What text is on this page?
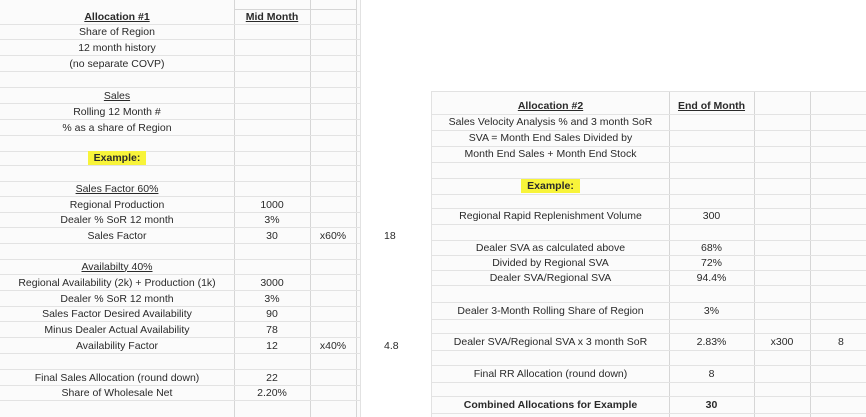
Allocation #1	Mid Month
Share of Region
12 month history
(no separate COVP)
Sales
Rolling 12 Month #
% as a share of Region
Example:
Sales Factor 60%
Regional Production	1000
Dealer % SoR 12 month	3%
Sales Factor	30	x60%	18
Availabilty 40%
Regional Availability (2k) + Production (1k)	3000
Dealer % SoR 12 month	3%
Sales Factor Desired Availability	90
Minus Dealer Actual Availability	78
Availability Factor	12	x40%	4.8
Final Sales Allocation (round down)	22
Share of Wholesale Net	2.20%
Allocation #2	End of Month
Sales Velocity Analysis % and 3 month SoR
SVA = Month End Sales Divided by
Month End Sales + Month End Stock
Example:
Regional Rapid Replenishment Volume	300
Dealer SVA as calculated above	68%
Divided by Regional SVA	72%
Dealer SVA/Regional SVA	94.4%
Dealer 3-Month Rolling Share of Region	3%
Dealer SVA/Regional SVA x 3 month SoR	2.83%	x300	8
Final RR Allocation (round down)	8
Combined Allocations for Example	30
